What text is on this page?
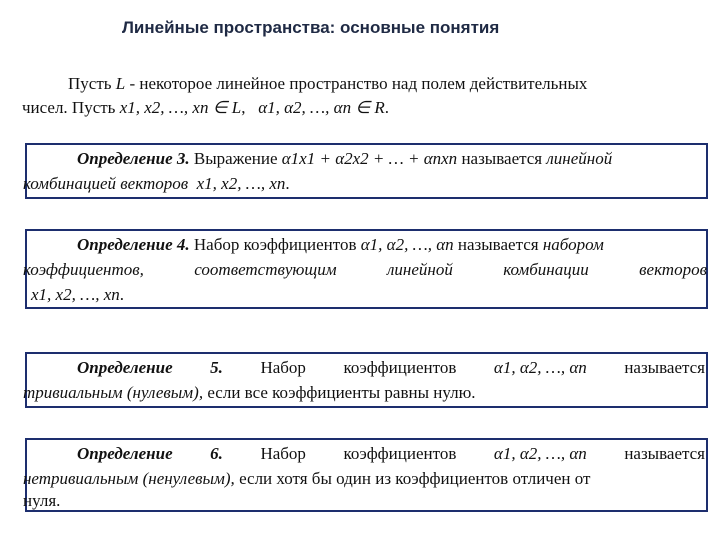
Линейные пространства: основные понятия
Пусть L - некоторое линейное пространство над полем действительных
чисел. Пусть x1, x2, …, xn ∈ L,   α1, α2, …, αn ∈ R.
Определение 3. Выражение α1x1 + α2x2 + … + αnxn называется линейной
комбинацией векторов x1, x2, …, xn.
Определение 4. Набор коэффициентов α1, α2, …, αn называется набором
коэффициентов,	соответствующим	линейной	комбинации	векторов
x1, x2, …, xn.
Определение 5. Набор коэффициентов α1, α2, …, αn называется
тривиальным (нулевым), если все коэффициенты равны нулю.
Определение 6. Набор коэффициентов α1, α2, …, αn называется
нетривиальным (ненулевым), если хотя бы один из коэффициентов отличен от
нуля.
